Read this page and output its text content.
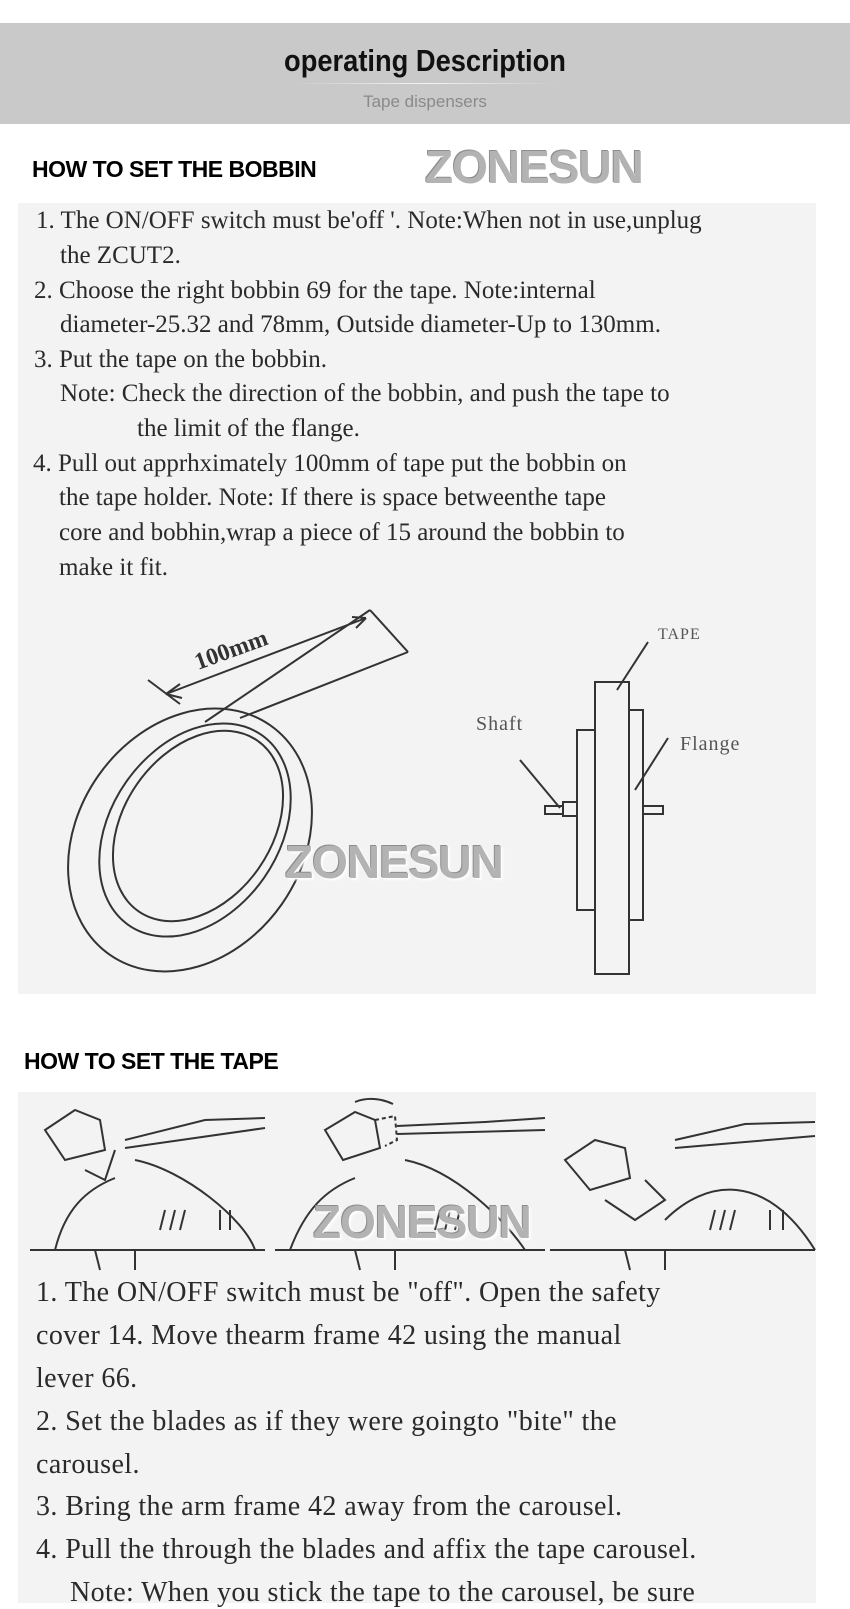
operating Description
Tape dispensers
HOW TO SET THE BOBBIN ZONESUN
1. The ON/OFF switch must be'off '. Note:When not in use,unplug
the ZCUT2.
2. Choose the right bobbin 69 for the tape. Note:internal
diameter-25.32 and 78mm, Outside diameter-Up to 130mm.
3. Put the tape on the bobbin.
Note: Check the direction of the bobbin, and push the tape to
the limit of the flange.
4. Pull out apprhximately 100mm of tape put the bobbin on
the tape holder. Note: If there is space betweenthe tape
core and bobhin,wrap a piece of 15 around the bobbin to
make it fit.
100mm	TAPE
Shaft
Flange
ZONESUN
HOW TO SET THE TAPE
ZONESUN
1. The ON/OFF switch must be "off". Open the safety
cover 14. Move thearm frame 42 using the manual
lever 66.
2. Set the blades as if they were goingto "bite" the
carousel.
3. Bring the arm frame 42 away from the carousel.
4. Pull the through the blades and affix the tape carousel.
Note: When you stick the tape to the carousel, be sure
